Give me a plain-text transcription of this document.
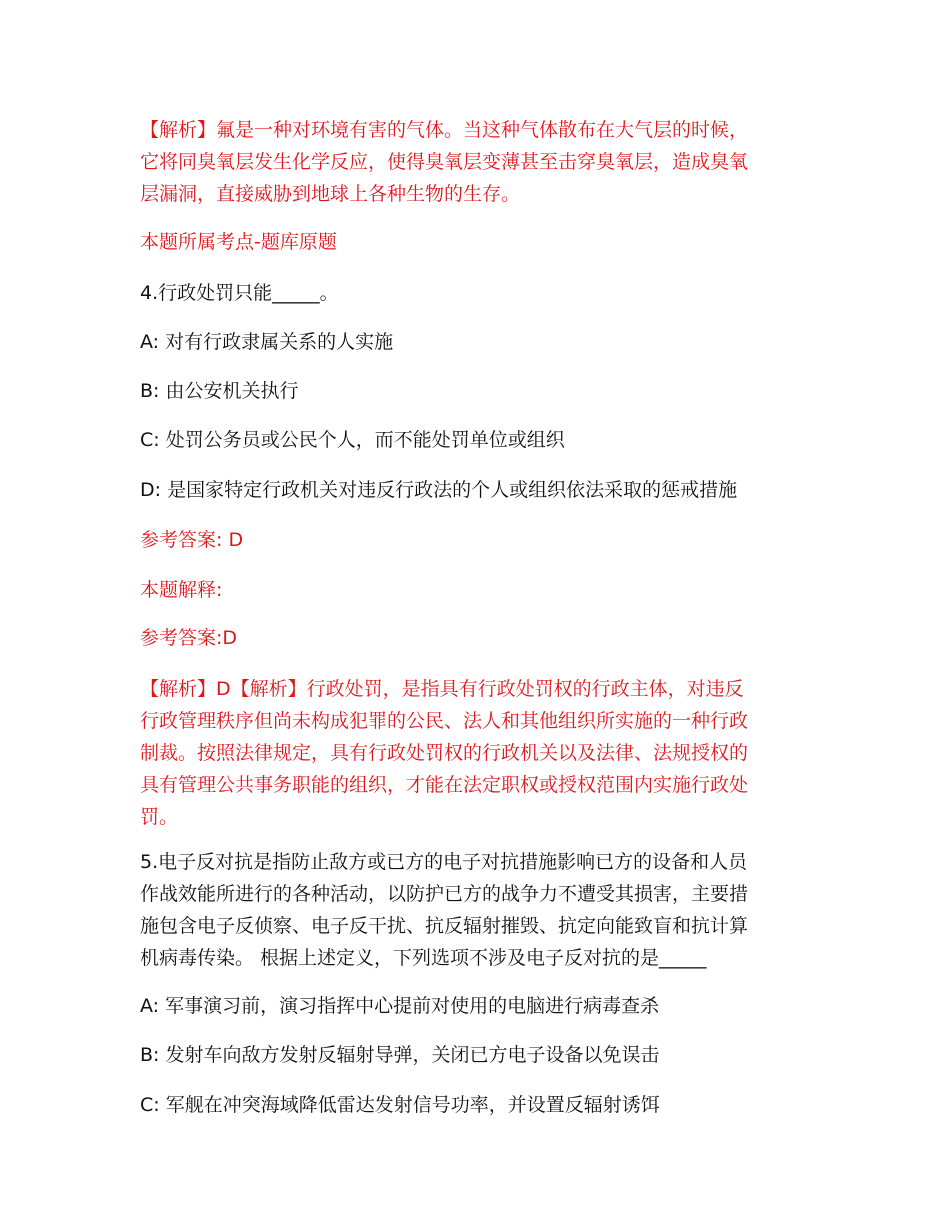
【解析】氟是一种对环境有害的气体。当这种气体散布在大气层的时候，
它将同臭氧层发生化学反应，使得臭氧层变薄甚至击穿臭氧层，造成臭氧
层漏洞，直接威胁到地球上各种生物的生存。
本题所属考点-题库原题
4.行政处罚只能_____。
A: 对有行政隶属关系的人实施
B: 由公安机关执行
C: 处罚公务员或公民个人，而不能处罚单位或组织
D: 是国家特定行政机关对违反行政法的个人或组织依法采取的惩戒措施
参考答案: D
本题解释:
参考答案:D
【解析】D【解析】行政处罚，是指具有行政处罚权的行政主体，对违反
行政管理秩序但尚未构成犯罪的公民、法人和其他组织所实施的一种行政
制裁。按照法律规定，具有行政处罚权的行政机关以及法律、法规授权的
具有管理公共事务职能的组织，才能在法定职权或授权范围内实施行政处
罚。
5.电子反对抗是指防止敌方或已方的电子对抗措施影响已方的设备和人员
作战效能所进行的各种活动，以防护已方的战争力不遭受其损害，主要措
施包含电子反侦察、电子反干扰、抗反辐射摧毁、抗定向能致盲和抗计算
机病毒传染。 根据上述定义，下列选项不涉及电子反对抗的是_____
A: 军事演习前，演习指挥中心提前对使用的电脑进行病毒查杀
B: 发射车向敌方发射反辐射导弹，关闭已方电子设备以免误击
C: 军舰在冲突海域降低雷达发射信号功率，并设置反辐射诱饵
